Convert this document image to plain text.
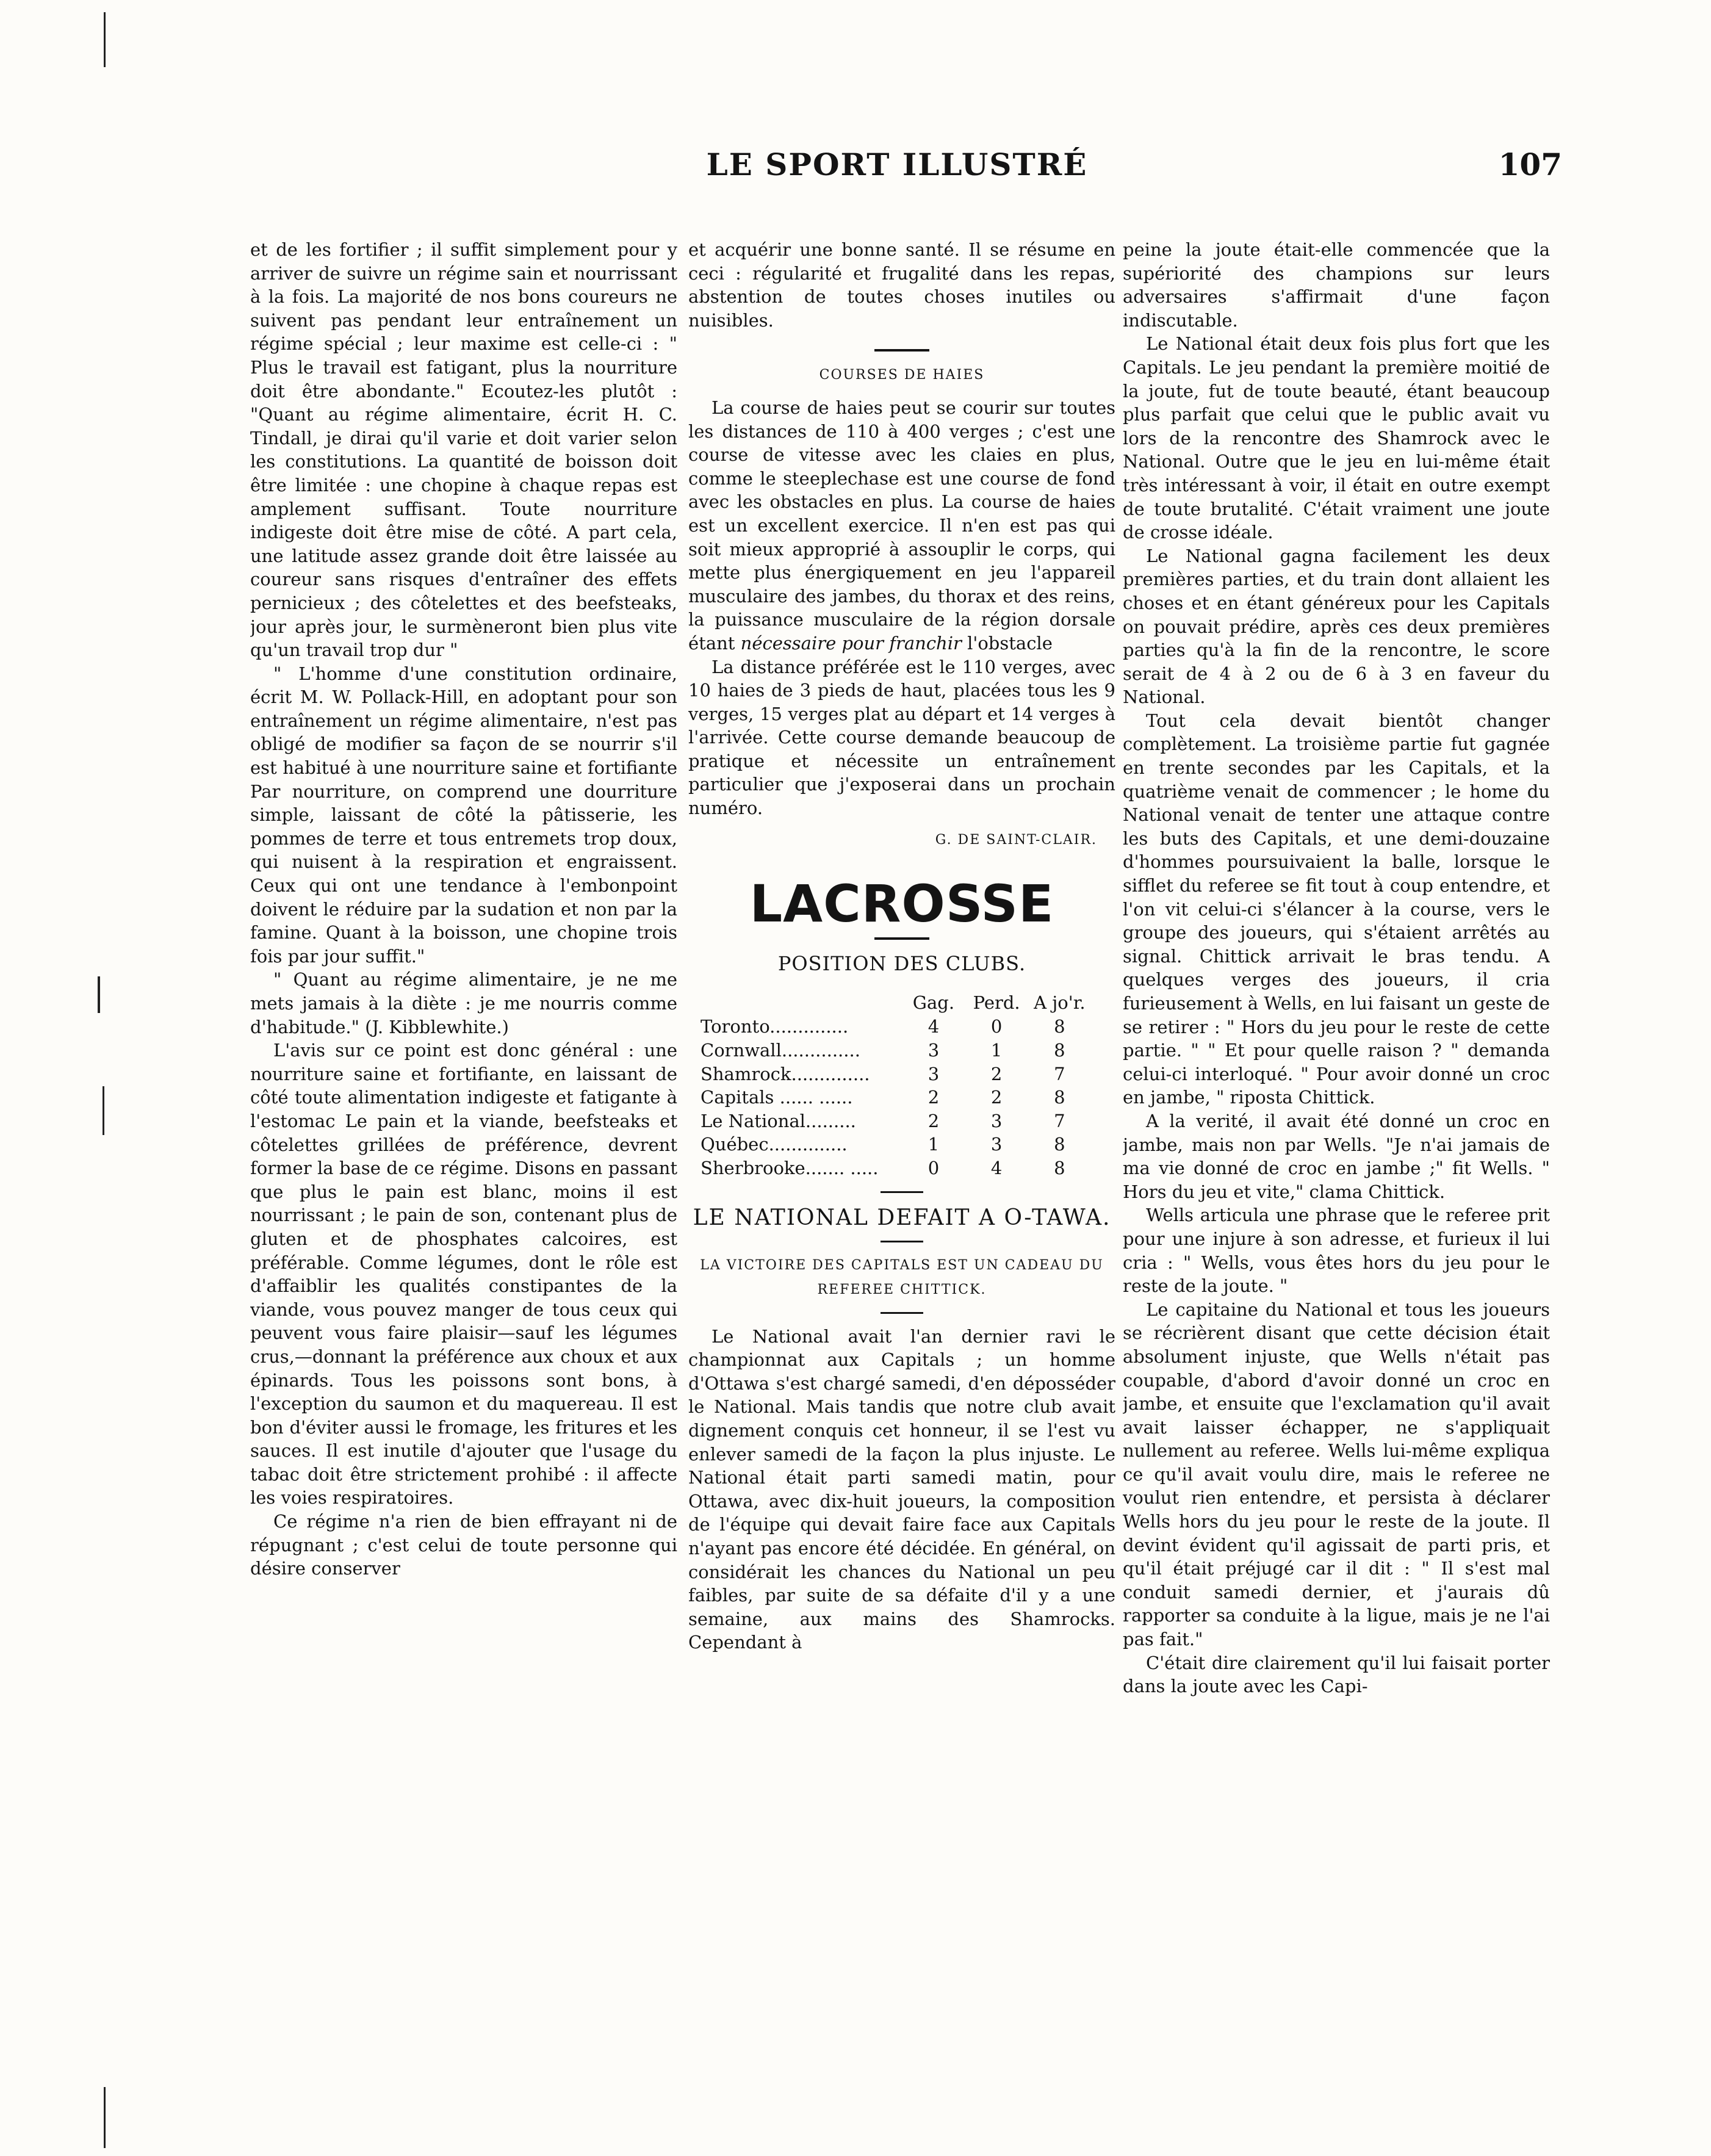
LE SPORT ILLUSTRÉ	107

et de les fortifier ; il suffit simplement pour y arriver de suivre un régime sain et nourrissant à la fois. La majorité de nos bons coureurs ne suivent pas pendant leur entraînement un régime spécial ; leur maxime est celle-ci : " Plus le travail est fatigant, plus la nourriture doit être abondante." Ecoutez-les plutôt : "Quant au régime alimentaire, écrit H. C. Tindall, je dirai qu'il varie et doit varier selon les constitutions. La quantité de boisson doit être limitée : une chopine à chaque repas est amplement suffisant. Toute nourriture indigeste doit être mise de côté. A part cela, une latitude assez grande doit être laissée au coureur sans risques d'entraîner des effets pernicieux ; des côtelettes et des beefsteaks, jour après jour, le surmèneront bien plus vite qu'un travail trop dur "

" L'homme d'une constitution ordinaire, écrit M. W. Pollack-Hill, en adoptant pour son entraînement un régime alimentaire, n'est pas obligé de modifier sa façon de se nourrir s'il est habitué à une nourriture saine et fortifiante Par nourriture, on comprend une dourriture simple, laissant de côté la pâtisserie, les pommes de terre et tous entremets trop doux, qui nuisent à la respiration et engraissent. Ceux qui ont une tendance à l'embonpoint doivent le réduire par la sudation et non par la famine. Quant à la boisson, une chopine trois fois par jour suffit."

" Quant au régime alimentaire, je ne me mets jamais à la diète : je me nourris comme d'habitude." (J. Kibblewhite.)

L'avis sur ce point est donc général : une nourriture saine et fortifiante, en laissant de côté toute alimentation indigeste et fatigante à l'estomac Le pain et la viande, beefsteaks et côtelettes grillées de préférence, devrent former la base de ce régime. Disons en passant que plus le pain est blanc, moins il est nourrissant ; le pain de son, contenant plus de gluten et de phosphates calcoires, est préférable. Comme légumes, dont le rôle est d'affaiblir les qualités constipantes de la viande, vous pouvez manger de tous ceux qui peuvent vous faire plaisir—sauf les légumes crus,—donnant la préférence aux choux et aux épinards. Tous les poissons sont bons, à l'exception du saumon et du maquereau. Il est bon d'éviter aussi le fromage, les fritures et les sauces. Il est inutile d'ajouter que l'usage du tabac doit être strictement prohibé : il affecte les voies respiratoires.

Ce régime n'a rien de bien effrayant ni de répugnant ; c'est celui de toute personne qui désire conserver

et acquérir une bonne santé. Il se résume en ceci : régularité et frugalité dans les repas, abstention de toutes choses inutiles ou nuisibles.

COURSES DE HAIES

La course de haies peut se courir sur toutes les distances de 110 à 400 verges ; c'est une course de vitesse avec les claies en plus, comme le steeplechase est une course de fond avec les obstacles en plus. La course de haies est un excellent exercice. Il n'en est pas qui soit mieux approprié à assouplir le corps, qui mette plus énergiquement en jeu l'appareil musculaire des jambes, du thorax et des reins, la puissance musculaire de la région dorsale étant nécessaire pour franchir l'obstacle

La distance préférée est le 110 verges, avec 10 haies de 3 pieds de haut, placées tous les 9 verges, 15 verges plat au départ et 14 verges à l'arrivée. Cette course demande beaucoup de pratique et nécessite un entraînement particulier que j'exposerai dans un prochain numéro.

G. DE SAINT-CLAIR.
LACROSSE
POSITION DES CLUBS.
	Gag.	Perd.	A jo'r.
Toronto..............	4	0	8
Cornwall..............	3	1	8
Shamrock..............	3	2	7
Capitals ...... ......	2	2	8
Le National.........	2	3	7
Québec..............	1	3	8
Sherbrooke....... .....	0	4	8
LE NATIONAL DEFAIT A O-TAWA.
LA VICTOIRE DES CAPITALS EST UN CADEAU DU REFEREE CHITTICK.

Le National avait l'an dernier ravi le championnat aux Capitals ; un homme d'Ottawa s'est chargé samedi, d'en déposséder le National. Mais tandis que notre club avait dignement conquis cet honneur, il se l'est vu enlever samedi de la façon la plus injuste. Le National était parti samedi matin, pour Ottawa, avec dix-huit joueurs, la composition de l'équipe qui devait faire face aux Capitals n'ayant pas encore été décidée. En général, on considérait les chances du National un peu faibles, par suite de sa défaite d'il y a une semaine, aux mains des Shamrocks. Cependant à

peine la joute était-elle commencée que la supériorité des champions sur leurs adversaires s'affirmait d'une façon indiscutable.

Le National était deux fois plus fort que les Capitals. Le jeu pendant la première moitié de la joute, fut de toute beauté, étant beaucoup plus parfait que celui que le public avait vu lors de la rencontre des Shamrock avec le National. Outre que le jeu en lui-même était très intéressant à voir, il était en outre exempt de toute brutalité. C'était vraiment une joute de crosse idéale.

Le National gagna facilement les deux premières parties, et du train dont allaient les choses et en étant généreux pour les Capitals on pouvait prédire, après ces deux premières parties qu'à la fin de la rencontre, le score serait de 4 à 2 ou de 6 à 3 en faveur du National.

Tout cela devait bientôt changer complètement. La troisième partie fut gagnée en trente secondes par les Capitals, et la quatrième venait de commencer ; le home du National venait de tenter une attaque contre les buts des Capitals, et une demi-douzaine d'hommes poursuivaient la balle, lorsque le sifflet du referee se fit tout à coup entendre, et l'on vit celui-ci s'élancer à la course, vers le groupe des joueurs, qui s'étaient arrêtés au signal. Chittick arrivait le bras tendu. A quelques verges des joueurs, il cria furieusement à Wells, en lui faisant un geste de se retirer : " Hors du jeu pour le reste de cette partie. " " Et pour quelle raison ? " demanda celui-ci interloqué. " Pour avoir donné un croc en jambe, " riposta Chittick.

A la verité, il avait été donné un croc en jambe, mais non par Wells. "Je n'ai jamais de ma vie donné de croc en jambe ;" fit Wells. " Hors du jeu et vite," clama Chittick.

Wells articula une phrase que le referee prit pour une injure à son adresse, et furieux il lui cria : " Wells, vous êtes hors du jeu pour le reste de la joute. "

Le capitaine du National et tous les joueurs se récrièrent disant que cette décision était absolument injuste, que Wells n'était pas coupable, d'abord d'avoir donné un croc en jambe, et ensuite que l'exclamation qu'il avait avait laisser échapper, ne s'appliquait nullement au referee. Wells lui-même expliqua ce qu'il avait voulu dire, mais le referee ne voulut rien entendre, et persista à déclarer Wells hors du jeu pour le reste de la joute. Il devint évident qu'il agissait de parti pris, et qu'il était préjugé car il dit : " Il s'est mal conduit samedi dernier, et j'aurais dû rapporter sa conduite à la ligue, mais je ne l'ai pas fait."

C'était dire clairement qu'il lui faisait porter dans la joute avec les Capi-
